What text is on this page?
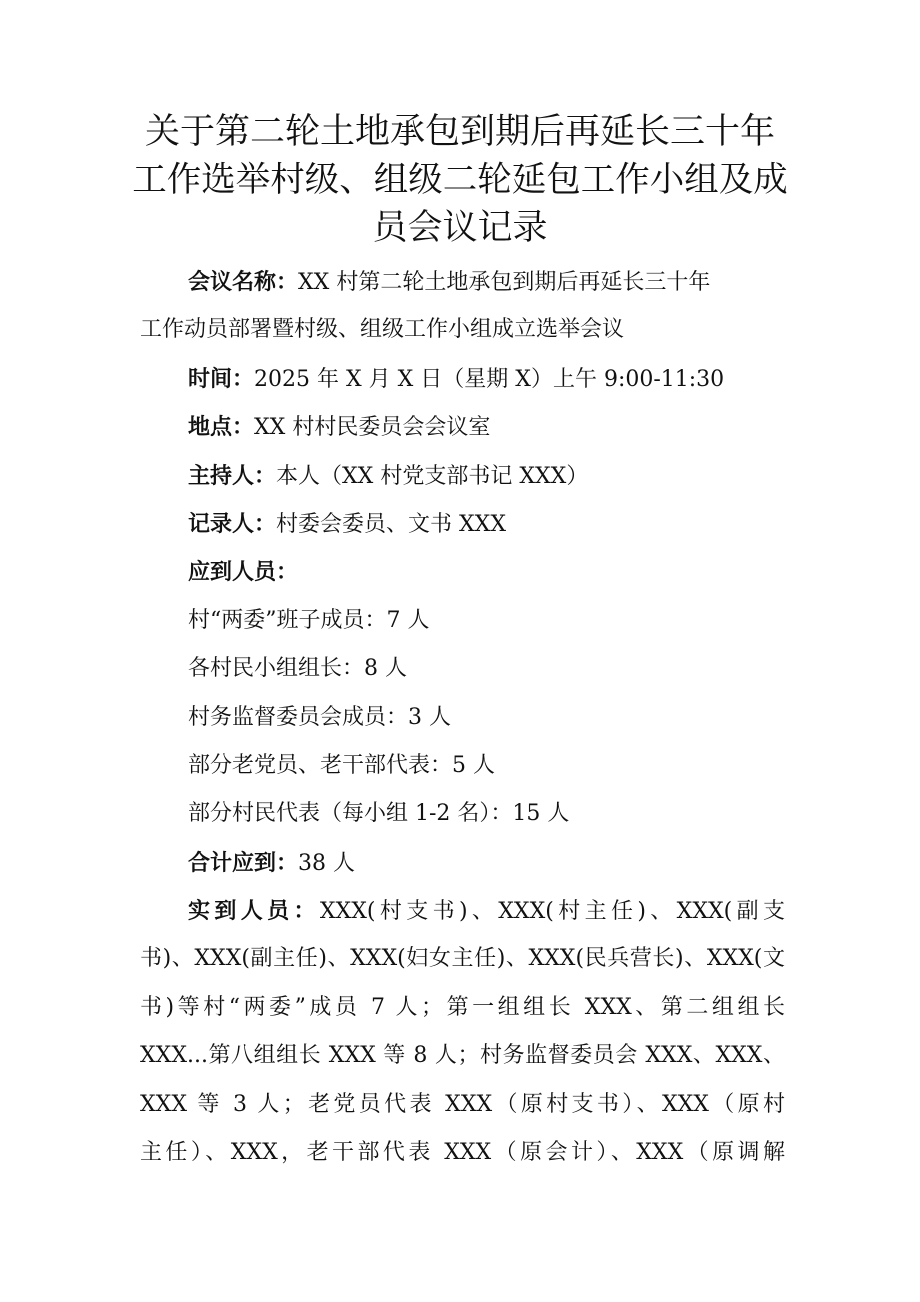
关于第二轮土地承包到期后再延长三十年
工作选举村级、组级二轮延包工作小组及成
员会议记录

会议名称：XX 村第二轮土地承包到期后再延长三十年

工作动员部署暨村级、组级工作小组成立选举会议

时间：2025 年 X 月 X 日（星期 X）上午 9:00-11:30

地点：XX 村村民委员会会议室

主持人：本人（XX 村党支部书记 XXX）

记录人：村委会委员、文书 XXX

应到人员：

村“两委”班子成员：7 人

各村民小组组长：8 人

村务监督委员会成员：3 人

部分老党员、老干部代表：5 人

部分村民代表（每小组 1-2 名）：15 人

合计应到：38 人

实到人员：XXX(村支书)、XXX(村主任)、XXX(副支

书)、XXX(副主任)、XXX(妇女主任)、XXX(民兵营长)、XXX(文

书)等村“两委”成员 7 人；第一组组长 XXX、第二组组长

XXX...第八组组长 XXX 等 8 人；村务监督委员会 XXX、XXX、

XXX 等 3 人；老党员代表 XXX（原村支书）、XXX（原村

主任）、XXX，老干部代表 XXX（原会计）、XXX（原调解
